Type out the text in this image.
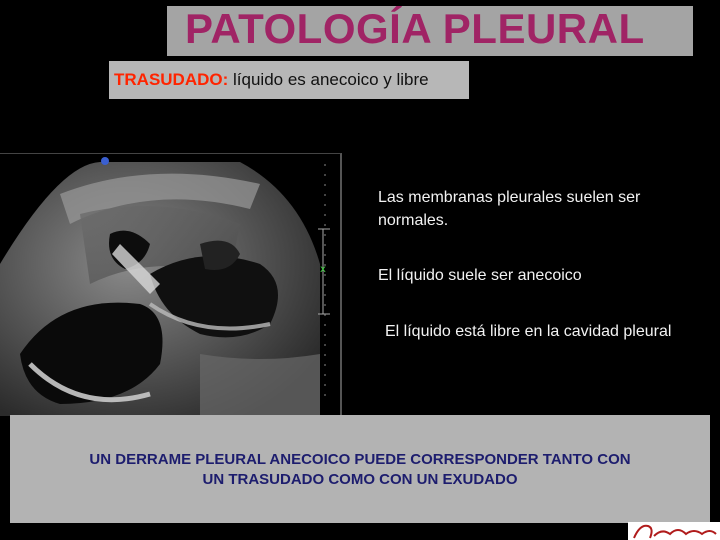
PATOLOGÍA PLEURAL
TRASUDADO: líquido es anecoico y libre
x
Las membranas pleurales suelen ser
normales.
El líquido suele ser anecoico
El líquido está libre en la cavidad pleural
UN DERRAME PLEURAL ANECOICO PUEDE CORRESPONDER TANTO CON
UN TRASUDADO COMO CON UN EXUDADO
